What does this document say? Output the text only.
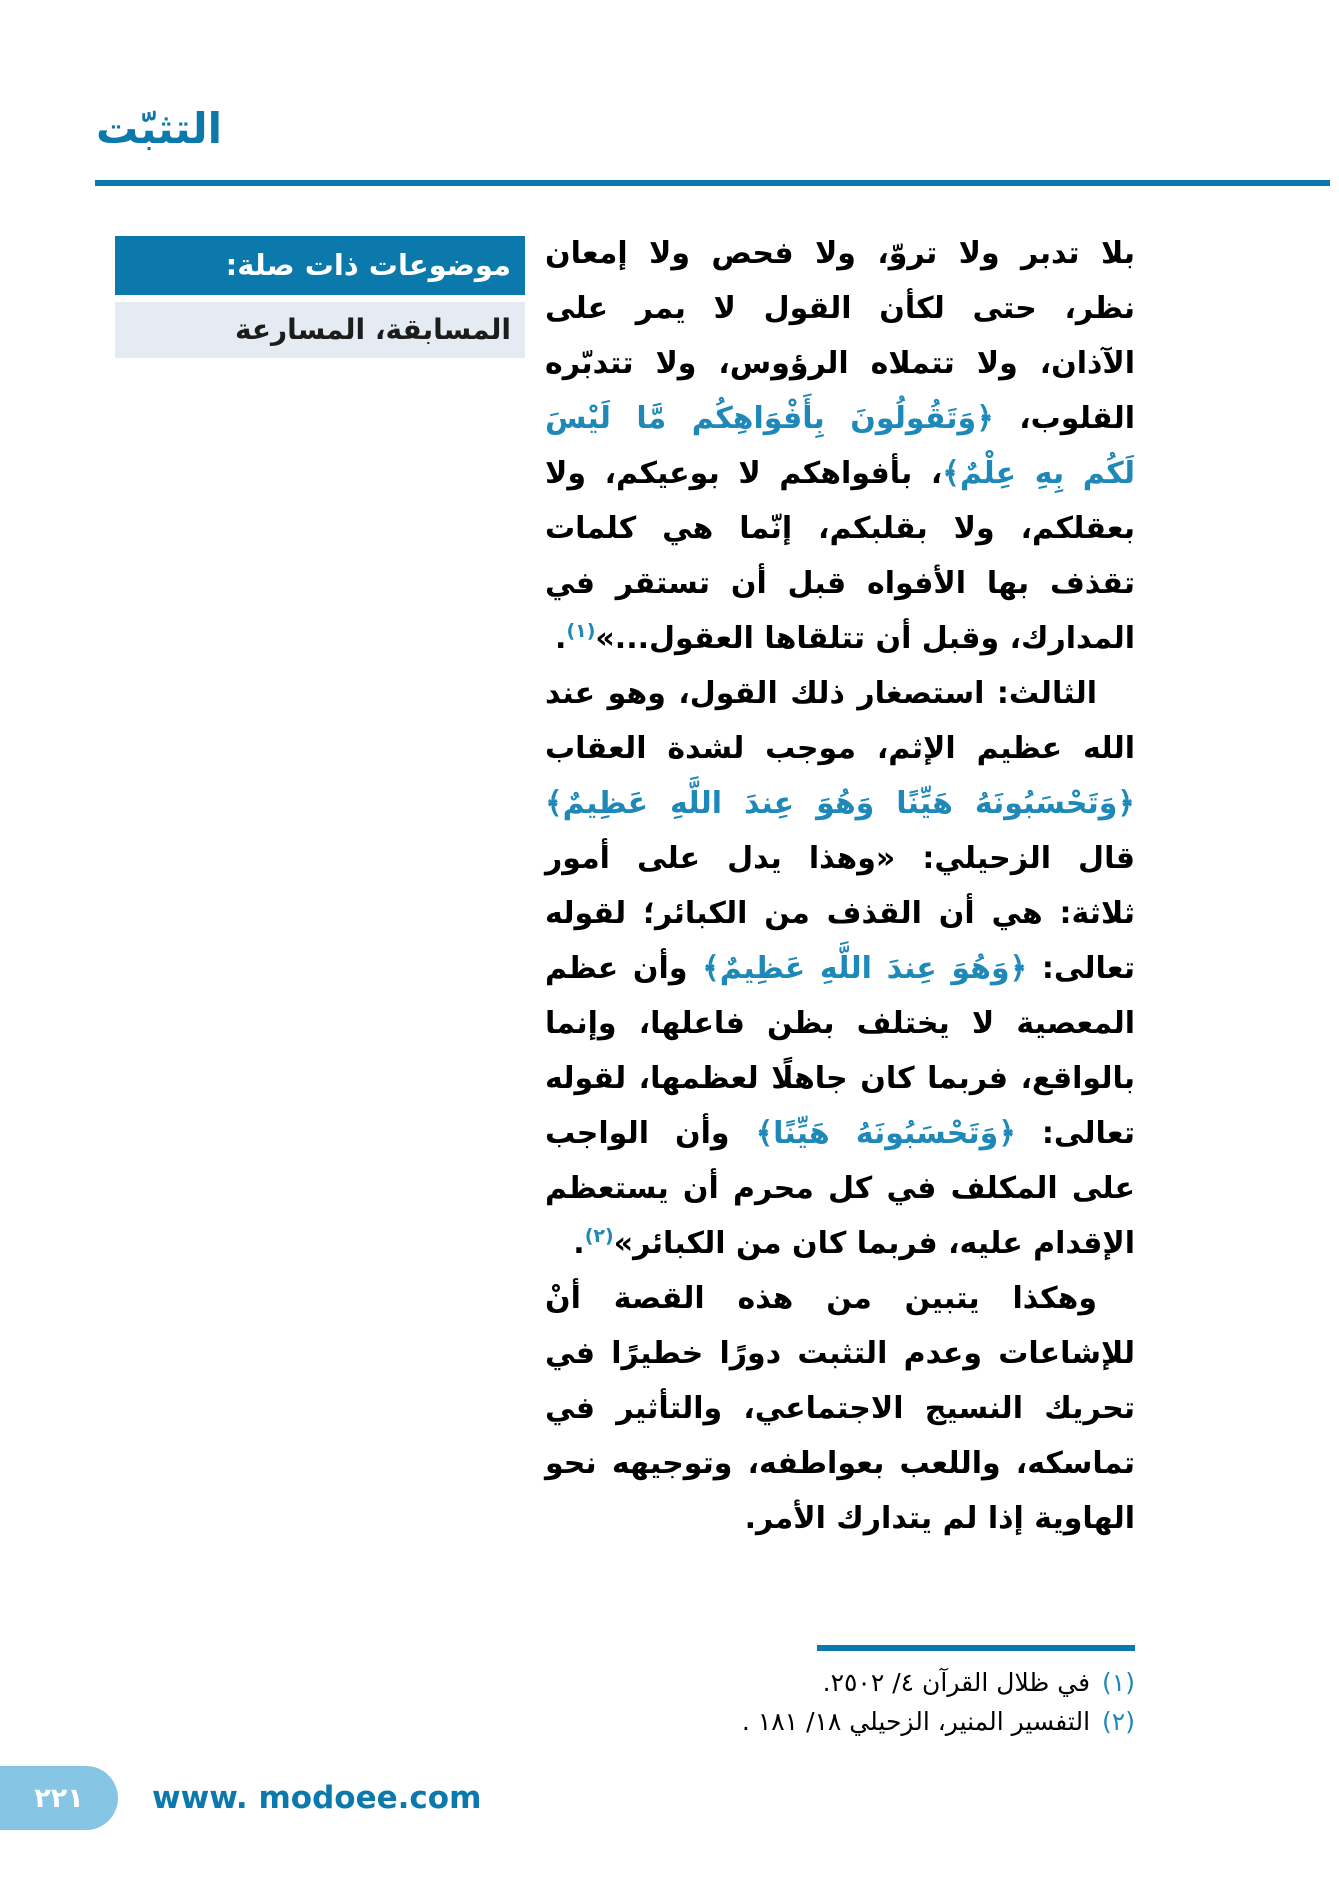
التثبّت
موضوعات ذات صلة:
المسابقة، المسارعة

بلا تدبر ولا تروّ، ولا فحص ولا إمعان نظر، حتى لكأن القول لا يمر على الآذان، ولا تتملاه الرؤوس، ولا تتدبّره القلوب، ﴿وَتَقُولُونَ بِأَفْوَاهِكُم مَّا لَيْسَ لَكُم بِهِ عِلْمٌ﴾، بأفواهكم لا بوعيكم، ولا بعقلكم، ولا بقلبكم، إنّما هي كلمات تقذف بها الأفواه قبل أن تستقر في المدارك، وقبل أن تتلقاها العقول...»$^{(١)}$.

الثالث: استصغار ذلك القول، وهو عند الله عظيم الإثم، موجب لشدة العقاب ﴿وَتَحْسَبُونَهُ هَيِّنًا وَهُوَ عِندَ اللَّهِ عَظِيمٌ﴾ قال الزحيلي: «وهذا يدل على أمور ثلاثة: هي أن القذف من الكبائر؛ لقوله تعالى: ﴿وَهُوَ عِندَ اللَّهِ عَظِيمٌ﴾ وأن عظم المعصية لا يختلف بظن فاعلها، وإنما بالواقع، فربما كان جاهلًا لعظمها، لقوله تعالى: ﴿وَتَحْسَبُونَهُ هَيِّنًا﴾ وأن الواجب على المكلف في كل محرم أن يستعظم الإقدام عليه، فربما كان من الكبائر»$^{(٢)}$.

وهكذا يتبين من هذه القصة أنْ للإشاعات وعدم التثبت دورًا خطيرًا في تحريك النسيج الاجتماعي، والتأثير في تماسكه، واللعب بعواطفه، وتوجيهه نحو الهاوية إذا لم يتدارك الأمر.

(١)في ظلال القرآن ٤/ ٢٥٠٢.
(٢)التفسير المنير، الزحيلي ١٨/ ١٨١ .
٢٢١	www. modoee.com
